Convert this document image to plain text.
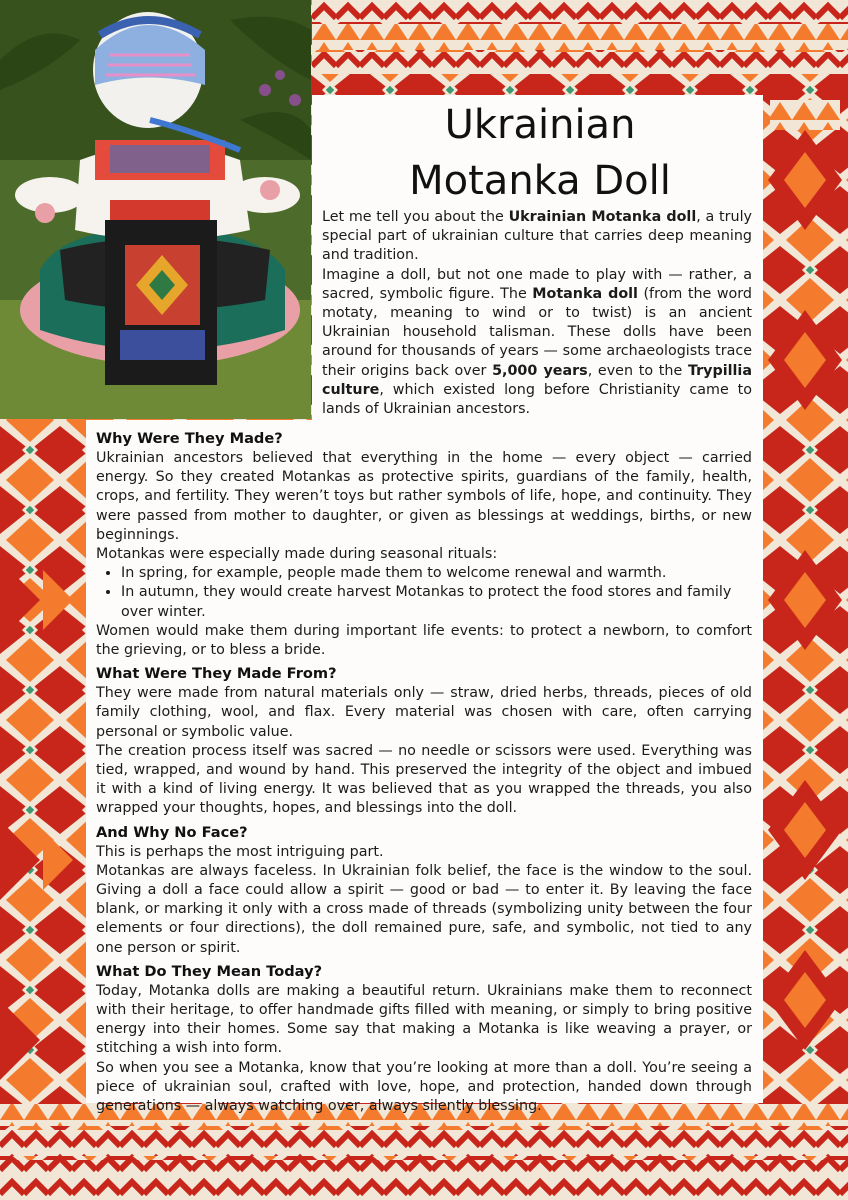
Ukrainian
Motanka Doll

Let me tell you about the Ukrainian Motanka doll, a truly special part of ukrainian culture that carries deep meaning and tradition.

Imagine a doll, but not one made to play with — rather, a sacred, symbolic figure. The Motanka doll (from the word motaty, meaning to wind or to twist) is an ancient Ukrainian household talisman. These dolls have been around for thousands of years — some archaeologists trace their origins back over 5,000 years, even to the Trypillia culture, which existed long before Christianity came to lands of Ukrainian ancestors.

Why Were They Made?

Ukrainian ancestors believed that everything in the home — every object — carried energy. So they created Motankas as protective spirits, guardians of the family, health, crops, and fertility. They weren’t toys but rather symbols of life, hope, and continuity. They were passed from mother to daughter, or given as blessings at weddings, births, or new beginnings.

Motankas were especially made during seasonal rituals:

• In spring, for example, people made them to welcome renewal and warmth.
• In autumn, they would create harvest Motankas to protect the food stores and family over winter.

Women would make them during important life events: to protect a newborn, to comfort the grieving, or to bless a bride.

What Were They Made From?

They were made from natural materials only — straw, dried herbs, threads, pieces of old family clothing, wool, and flax. Every material was chosen with care, often carrying personal or symbolic value.

The creation process itself was sacred — no needle or scissors were used. Everything was tied, wrapped, and wound by hand. This preserved the integrity of the object and imbued it with a kind of living energy. It was believed that as you wrapped the threads, you also wrapped your thoughts, hopes, and blessings into the doll.

And Why No Face?

This is perhaps the most intriguing part.

Motankas are always faceless. In Ukrainian folk belief, the face is the window to the soul. Giving a doll a face could allow a spirit — good or bad — to enter it. By leaving the face blank, or marking it only with a cross made of threads (symbolizing unity between the four elements or four directions), the doll remained pure, safe, and symbolic, not tied to any one person or spirit.

What Do They Mean Today?

Today, Motanka dolls are making a beautiful return. Ukrainians make them to reconnect with their heritage, to offer handmade gifts filled with meaning, or simply to bring positive energy into their homes. Some say that making a Motanka is like weaving a prayer, or stitching a wish into form.

So when you see a Motanka, know that you’re looking at more than a doll. You’re seeing a piece of ukrainian soul, crafted with love, hope, and protection, handed down through generations — always watching over, always silently blessing.
